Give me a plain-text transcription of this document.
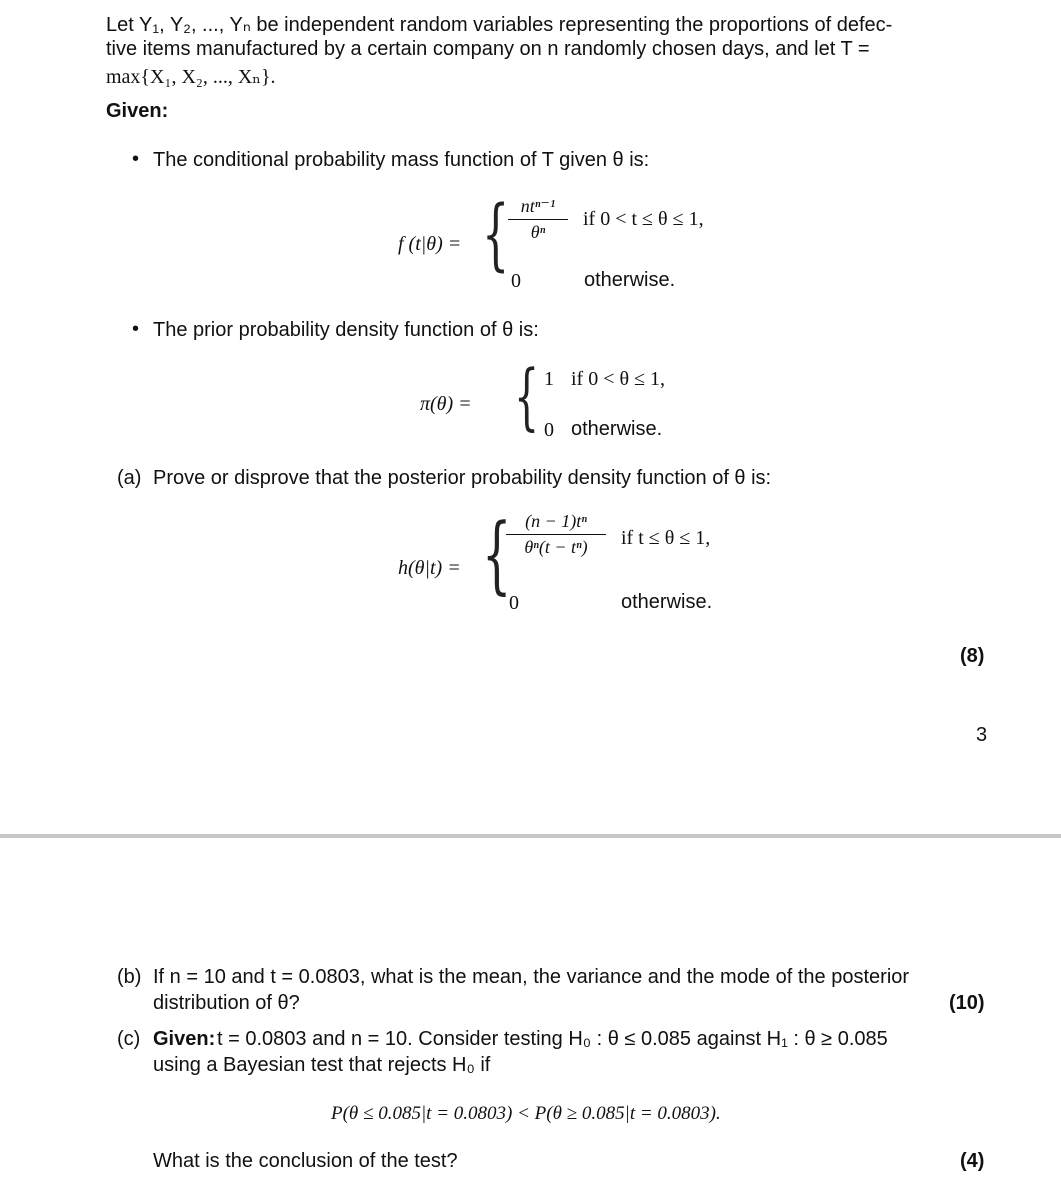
Let Y₁, Y₂, ..., Yₙ be independent random variables representing the proportions of defec-
tive items manufactured by a certain company on n randomly chosen days, and let T =
max{X₁, X₂, ..., Xₙ}.
Given:
• The conditional probability mass function of T given θ is:
f (t|θ) = { ntⁿ⁻¹
θⁿ
if 0 < t ≤ θ ≤ 1,
0	otherwise.
• The prior probability density function of θ is:
π(θ) = { 1 if 0 < θ ≤ 1,
0 otherwise.
(a) Prove or disprove that the posterior probability density function of θ is:
h(θ|t) = { (n − 1)tⁿ
θⁿ(t − tⁿ)	if t ≤ θ ≤ 1,
0	otherwise.
(8)
3
(b) If n = 10 and t = 0.0803, what is the mean, the variance and the mode of the posterior
distribution of θ?	(10)
(c) Given: t = 0.0803 and n = 10. Consider testing H₀ : θ ≤ 0.085 against H₁ : θ ≥ 0.085
using a Bayesian test that rejects H₀ if
P(θ ≤ 0.085|t = 0.0803) < P(θ ≥ 0.085|t = 0.0803).
What is the conclusion of the test?	(4)
